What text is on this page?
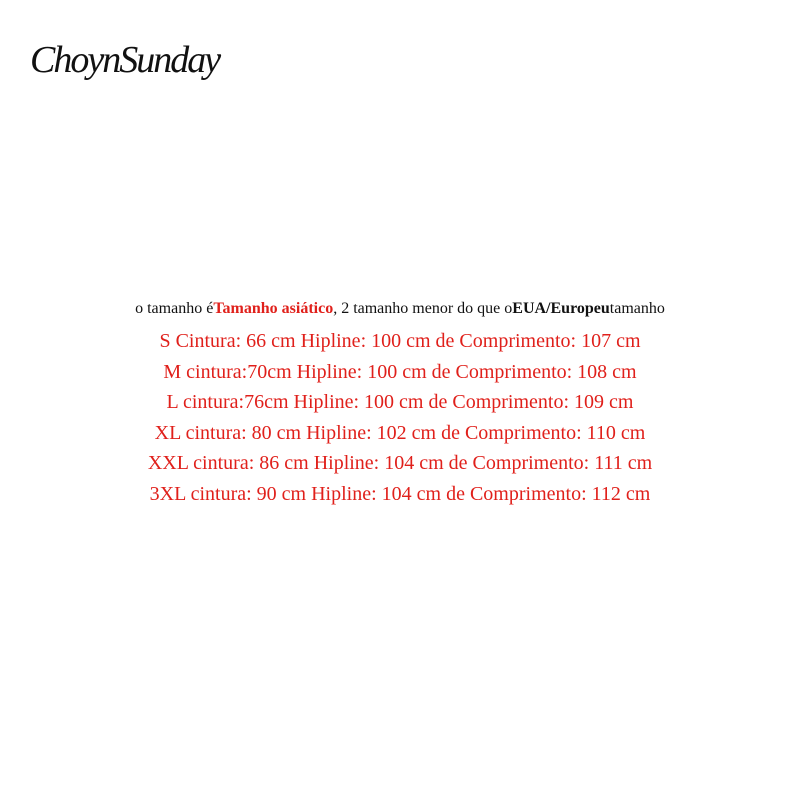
ChoynSunday
o tamanho éTamanho asiático, 2 tamanho menor do que oEUA/Europeutamanho
S Cintura: 66 cm Hipline: 100 cm de Comprimento: 107 cm
M cintura:70cm Hipline: 100 cm de Comprimento: 108 cm
L cintura:76cm Hipline: 100 cm de Comprimento: 109 cm
XL cintura: 80 cm Hipline: 102 cm de Comprimento: 110 cm
XXL cintura: 86 cm Hipline: 104 cm de Comprimento: 111 cm
3XL cintura: 90 cm Hipline: 104 cm de Comprimento: 112 cm
